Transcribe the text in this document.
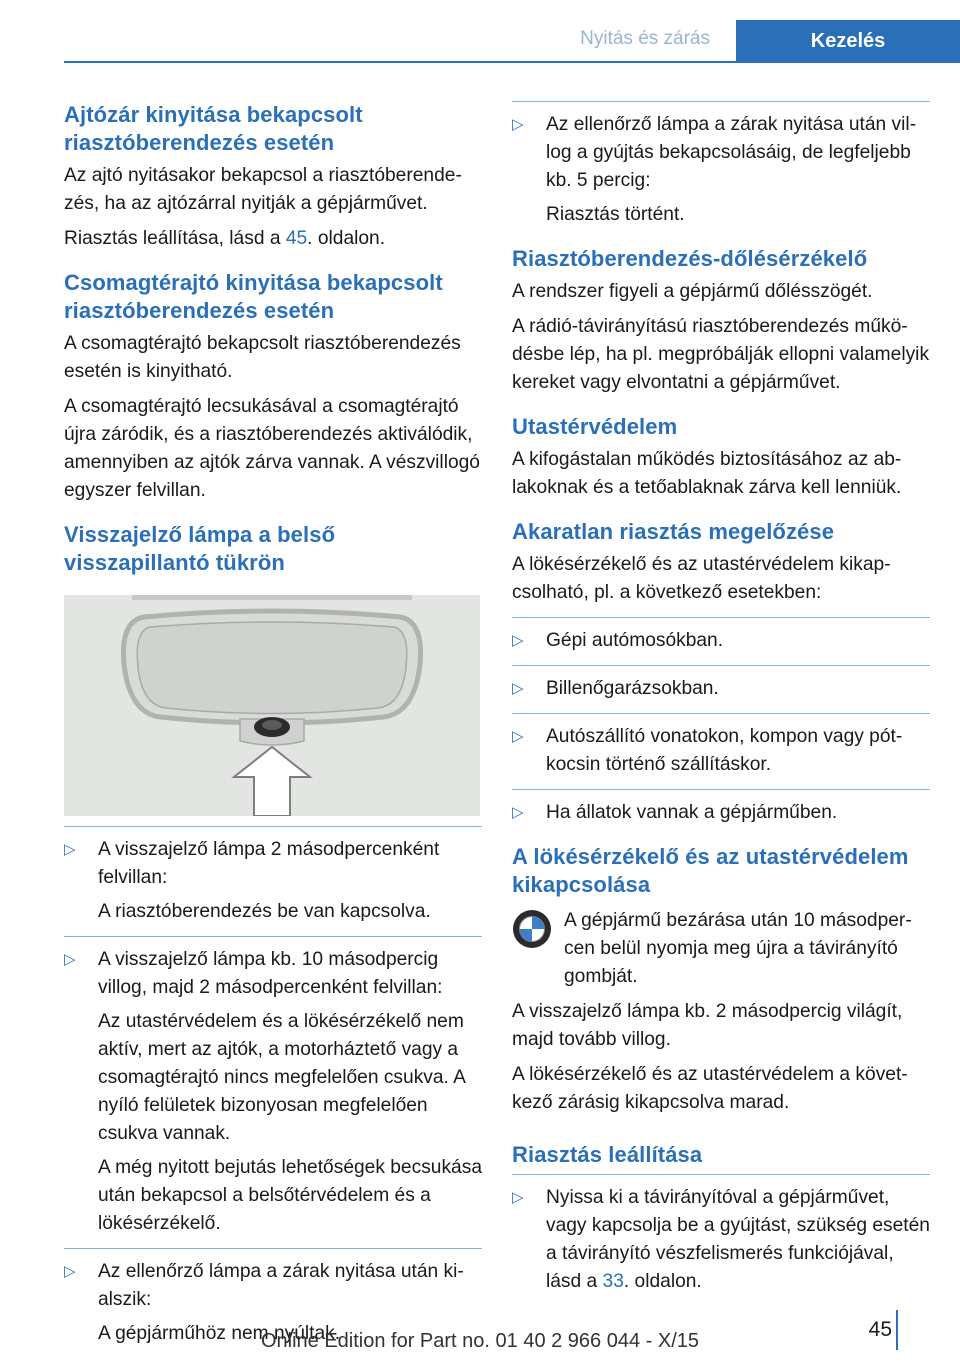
Nyitás és zárás	Kezelés
Ajtózár kinyitása bekapcsolt riasztóberendezés esetén

Az ajtó nyitásakor bekapcsol a riasztóberendezés, ha az ajtózárral nyitják a gépjárművet.

Riasztás leállítása, lásd a 45. oldalon.

Csomagtérajtó kinyitása bekapcsolt riasztóberendezés esetén

A csomagtérajtó bekapcsolt riasztóberendezés esetén is kinyitható.

A csomagtérajtó lecsukásával a csomagtérajtó újra záródik, és a riasztóberendezés aktiválódik, amennyiben az ajtók zárva vannak. A vészvillogó egyszer felvillan.

Visszajelző lámpa a belső visszapillantó tükrön
▷ A visszajelző lámpa 2 másodpercenként felvillan:
A riasztóberendezés be van kapcsolva.
▷ A visszajelző lámpa kb. 10 másodpercig villog, majd 2 másodpercenként felvillan:
Az utastérvédelem és a lökésérzékelő nem aktív, mert az ajtók, a motorháztető vagy a csomagtérajtó nincs megfelelően csukva. A nyíló felületek bizonyosan megfelelően csukva vannak.
A még nyitott bejutás lehetőségek becsukása után bekapcsol a belsőtérvédelem és a lökésérzékelő.
▷ Az ellenőrző lámpa a zárak nyitása után kialszik:
A gépjárműhöz nem nyúltak.
▷ Az ellenőrző lámpa a zárak nyitása után villog a gyújtás bekapcsolásáig, de legfeljebb kb. 5 percig:
Riasztás történt.
Riasztóberendezés-dőlésérzékelő

A rendszer figyeli a gépjármű dőlésszögét.

A rádió-távirányítású riasztóberendezés működésbe lép, ha pl. megpróbálják ellopni valamelyik kereket vagy elvontatni a gépjárművet.

Utastérvédelem

A kifogástalan működés biztosításához az ablakoknak és a tetőablaknak zárva kell lenniük.

Akaratlan riasztás megelőzése

A lökésérzékelő és az utastérvédelem kikapcsolható, pl. a következő esetekben:

▷ Gépi autómosókban.
▷ Billenőgarázsokban.
▷ Autószállító vonatokon, kompon vagy pótkocsin történő szállításkor.
▷ Ha állatok vannak a gépjárműben.
A lökésérzékelő és az utastérvédelem kikapcsolása
A gépjármű bezárása után 10 másodpercen belül nyomja meg újra a távirányító gombját.

A visszajelző lámpa kb. 2 másodpercig világít, majd tovább villog.

A lökésérzékelő és az utastérvédelem a következő zárásig kikapcsolva marad.

Riasztás leállítása
▷ Nyissa ki a távirányítóval a gépjárművet, vagy kapcsolja be a gyújtást, szükség esetén a távirányító vészfelismerés funkciójával, lásd a 33. oldalon.
45
Online Edition for Part no. 01 40 2 966 044 - X/15
